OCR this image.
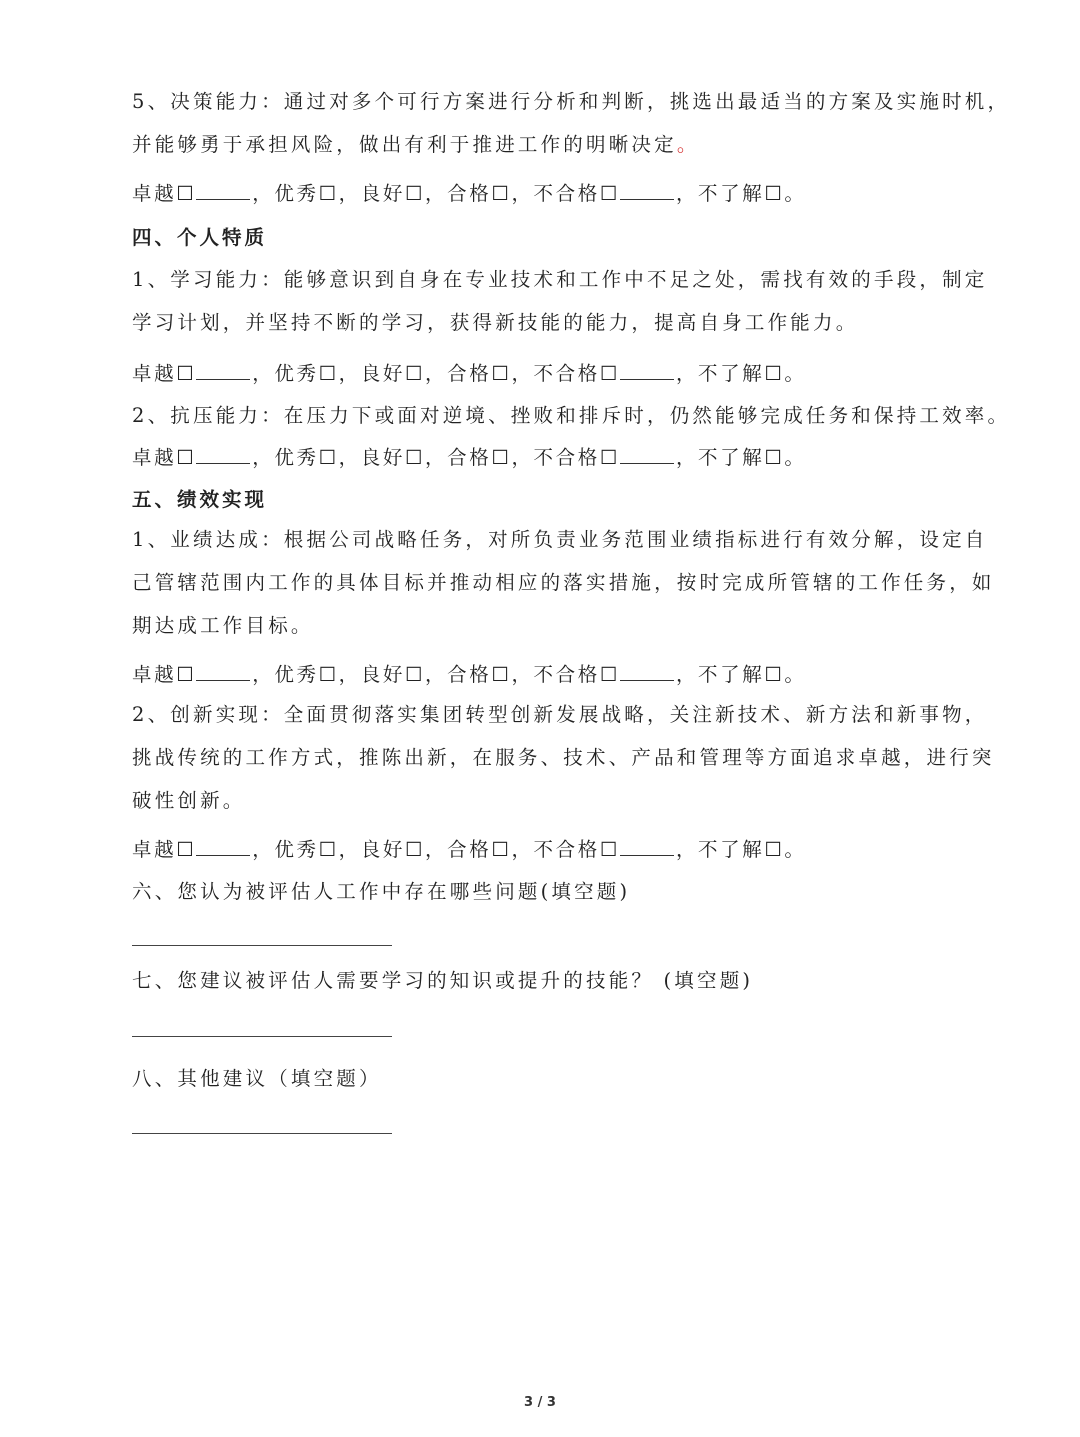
5、决策能力：通过对多个可行方案进行分析和判断，挑选出最适当的方案及实施时机，
并能够勇于承担风险，做出有利于推进工作的明晰决定。
卓越☐	，优秀☐，良好☐，合格☐，不合格☐	，不了解☐。
四、个人特质
1、学习能力：能够意识到自身在专业技术和工作中不足之处，需找有效的手段，制定
学习计划，并坚持不断的学习，获得新技能的能力，提高自身工作能力。
卓越☐	，优秀☐，良好☐，合格☐，不合格☐	，不了解☐。
2、抗压能力：在压力下或面对逆境、挫败和排斥时，仍然能够完成任务和保持工效率。
卓越☐	，优秀☐，良好☐，合格☐，不合格☐	，不了解☐。
五、绩效实现
1、业绩达成：根据公司战略任务，对所负责业务范围业绩指标进行有效分解，设定自
己管辖范围内工作的具体目标并推动相应的落实措施，按时完成所管辖的工作任务，如
期达成工作目标。
卓越☐	，优秀☐，良好☐，合格☐，不合格☐	，不了解☐。
2、创新实现：全面贯彻落实集团转型创新发展战略，关注新技术、新方法和新事物，
挑战传统的工作方式，推陈出新，在服务、技术、产品和管理等方面追求卓越，进行突
破性创新。
卓越☐	，优秀☐，良好☐，合格☐，不合格☐	，不了解☐。
六、您认为被评估人工作中存在哪些问题(填空题)
七、您建议被评估人需要学习的知识或提升的技能？ (填空题)
八、其他建议（填空题）
3 / 3
